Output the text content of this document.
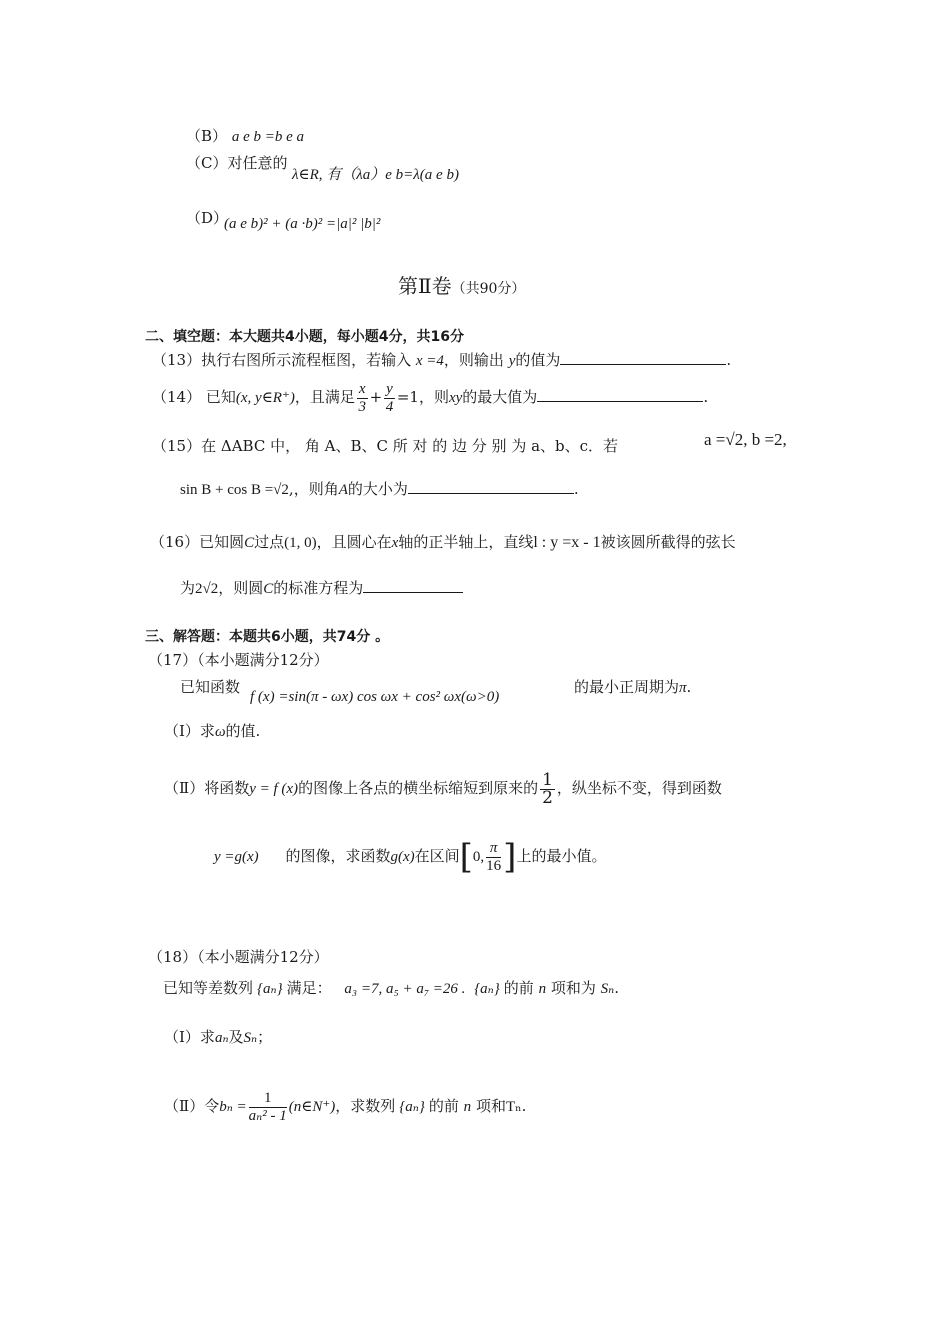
（B） a e b =b e a
（C）对任意的
λ∈R, 有（λa）e b=λ(a e b)
（D）
(a e b)² + (a ·b)² =|a|² |b|²
第Ⅱ卷（共90分）
二、填空题：本大题共4小题，每小题4分，共16分
（13）执行右图所示流程框图，若输入 x =4，则输出 y的值为	.
（14） 已知(x, y∈R⁺)，且满足 $\frac{x}{3} + \frac{y}{4} =1$，则xy的最大值为	.
（15）在 ΔABC 中， 角 A、B、C 所 对 的 边 分 别 为 a、b、c．若	a =√2, b =2,
sin B + cos B =√2,，则角A的大小为	.
（16）已知圆C过点(1, 0)，且圆心在x轴的正半轴上，直线l : y =x - 1被该圆所截得的弦长
为2√2，则圆C的标准方程为
三、解答题：本题共6小题，共74分 。
（17）（本小题满分12分）
已知函数
f (x) =sin(π - ωx) cos ωx + cos² ωx(ω>0)
的最小正周期为π.
（Ⅰ）求ω的值.
（Ⅱ）将函数y = f (x)的图像上各点的横坐标缩短到原来的 $\frac{1}{2}$ ，纵坐标不变，得到函数
y =g(x) 的图像，求函数g(x)在区间[0, $\frac{\pi}{16}$ ]上的最小值。
（18）（本小题满分12分）
已知等差数列 {aₙ} 满足： a₃ =7, a₅ + a₇ =26 . {aₙ} 的前 n 项和为 Sₙ.
（Ⅰ）求aₙ及Sₙ；
（Ⅱ）令$b_n = \frac{1}{\text{aₙ² - 1}}$ (n∈N⁺)，求数列 {aₙ} 的前 n 项和Tₙ.
